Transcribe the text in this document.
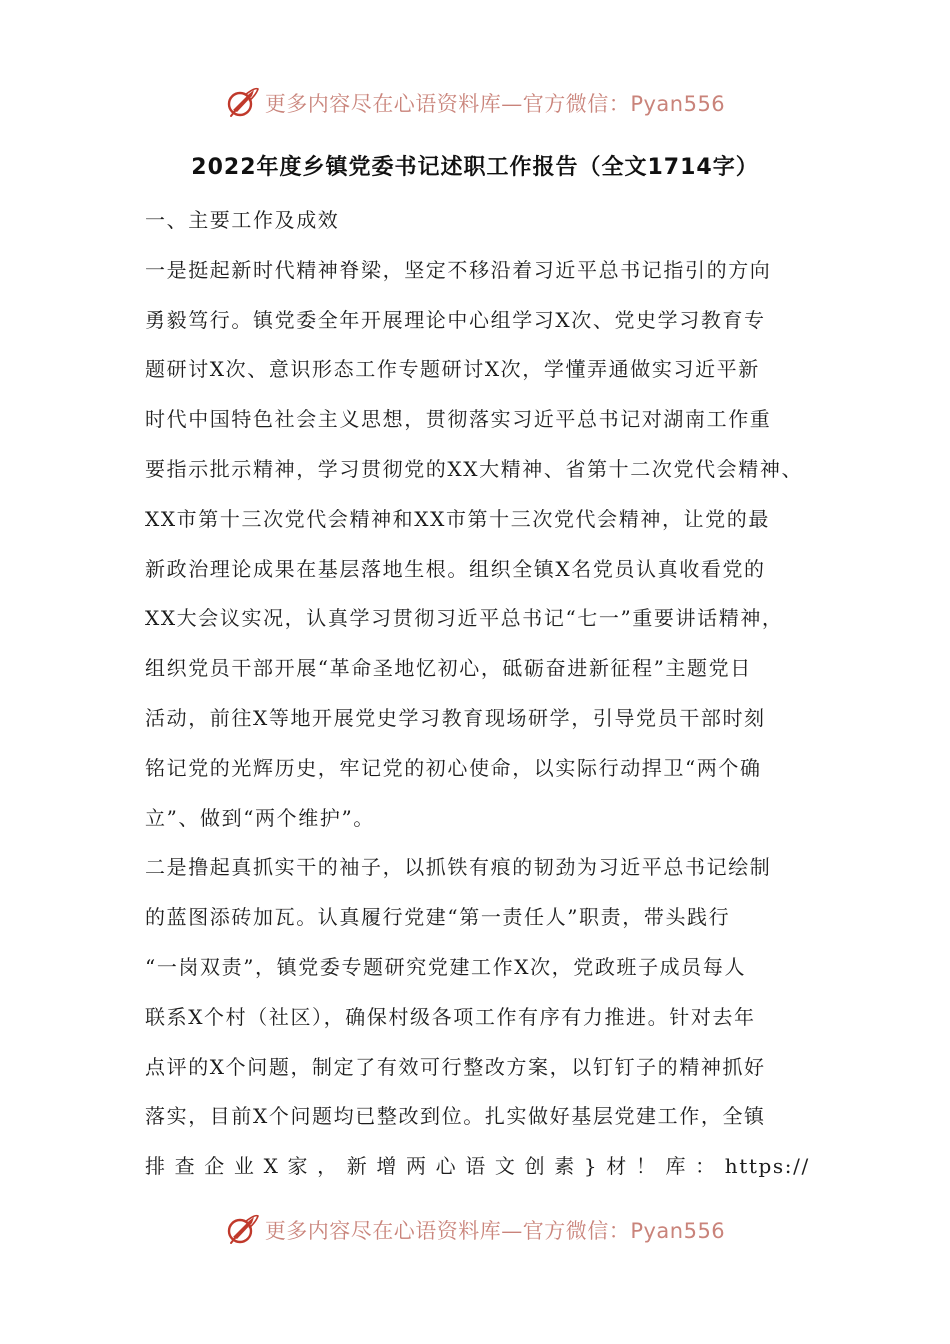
更多内容尽在心语资料库—官方微信：Pyan556
2022年度乡镇党委书记述职工作报告（全文1714字）
一、主要工作及成效
一是挺起新时代精神脊梁，坚定不移沿着习近平总书记指引的方向
勇毅笃行。镇党委全年开展理论中心组学习X次、党史学习教育专
题研讨X次、意识形态工作专题研讨X次，学懂弄通做实习近平新
时代中国特色社会主义思想，贯彻落实习近平总书记对湖南工作重
要指示批示精神，学习贯彻党的XX大精神、省第十二次党代会精神、
XX市第十三次党代会精神和XX市第十三次党代会精神，让党的最
新政治理论成果在基层落地生根。组织全镇X名党员认真收看党的
XX大会议实况，认真学习贯彻习近平总书记“七一”重要讲话精神，
组织党员干部开展“革命圣地忆初心，砥砺奋进新征程”主题党日
活动，前往X等地开展党史学习教育现场研学，引导党员干部时刻
铭记党的光辉历史，牢记党的初心使命，以实际行动捍卫“两个确
立”、做到“两个维护”。
二是撸起真抓实干的袖子，以抓铁有痕的韧劲为习近平总书记绘制
的蓝图添砖加瓦。认真履行党建“第一责任人”职责，带头践行
“一岗双责”，镇党委专题研究党建工作X次，党政班子成员每人
联系X个村（社区），确保村级各项工作有序有力推进。针对去年
点评的X个问题，制定了有效可行整改方案，以钉钉子的精神抓好
落实，目前X个问题均已整改到位。扎实做好基层党建工作，全镇
排 查 企 业 X 家 ， 新 增 两 心 语 文 创 素 } 材 ！ 库 ： https://
更多内容尽在心语资料库—官方微信：Pyan556
